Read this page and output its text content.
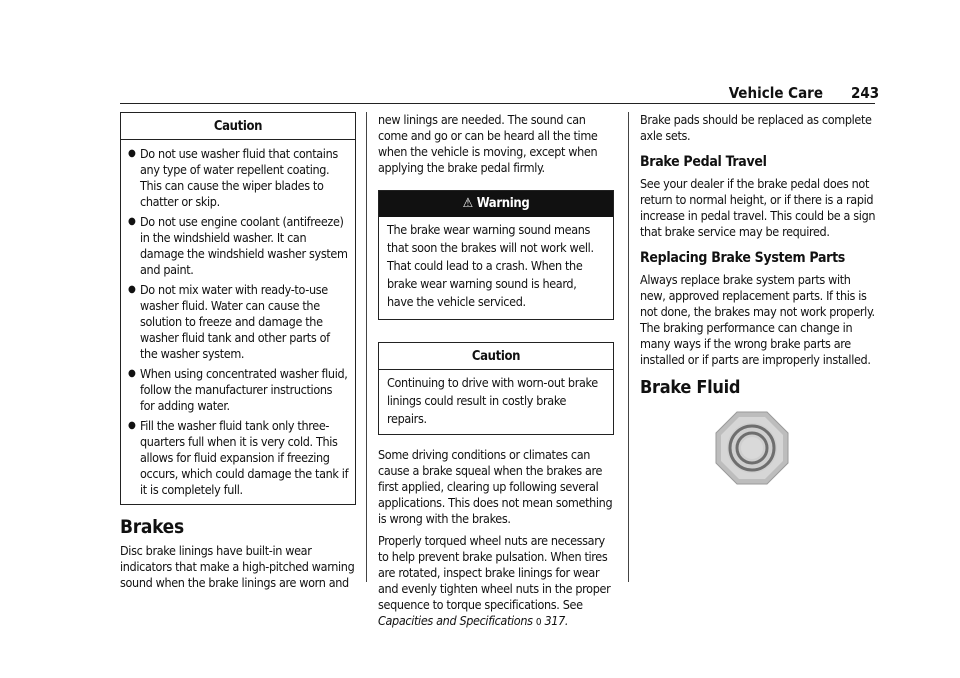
Vehicle Care 243
Caution
● Do not use washer fluid that contains any type of water repellent coating. This can cause the wiper blades to chatter or skip.
● Do not use engine coolant (antifreeze) in the windshield washer. It can damage the windshield washer system and paint.
● Do not mix water with ready-to-use washer fluid. Water can cause the solution to freeze and damage the washer fluid tank and other parts of the washer system.
● When using concentrated washer fluid, follow the manufacturer instructions for adding water.
● Fill the washer fluid tank only three-quarters full when it is very cold. This allows for fluid expansion if freezing occurs, which could damage the tank if it is completely full.
Brakes

Disc brake linings have built-in wear indicators that make a high-pitched warning sound when the brake linings are worn and

new linings are needed. The sound can come and go or can be heard all the time when the vehicle is moving, except when applying the brake pedal firmly.

⚠ Warning
The brake wear warning sound means that soon the brakes will not work well. That could lead to a crash. When the brake wear warning sound is heard, have the vehicle serviced.
Caution
Continuing to drive with worn-out brake linings could result in costly brake repairs.

Some driving conditions or climates can cause a brake squeal when the brakes are first applied, clearing up following several applications. This does not mean something is wrong with the brakes.

Properly torqued wheel nuts are necessary to help prevent brake pulsation. When tires are rotated, inspect brake linings for wear and evenly tighten wheel nuts in the proper sequence to torque specifications. See
Capacities and Specifications 0 317.

Brake pads should be replaced as complete axle sets.

Brake Pedal Travel

See your dealer if the brake pedal does not return to normal height, or if there is a rapid increase in pedal travel. This could be a sign that brake service may be required.

Replacing Brake System Parts

Always replace brake system parts with new, approved replacement parts. If this is not done, the brakes may not work properly. The braking performance can change in many ways if the wrong brake parts are installed or if parts are improperly installed.

Brake Fluid
